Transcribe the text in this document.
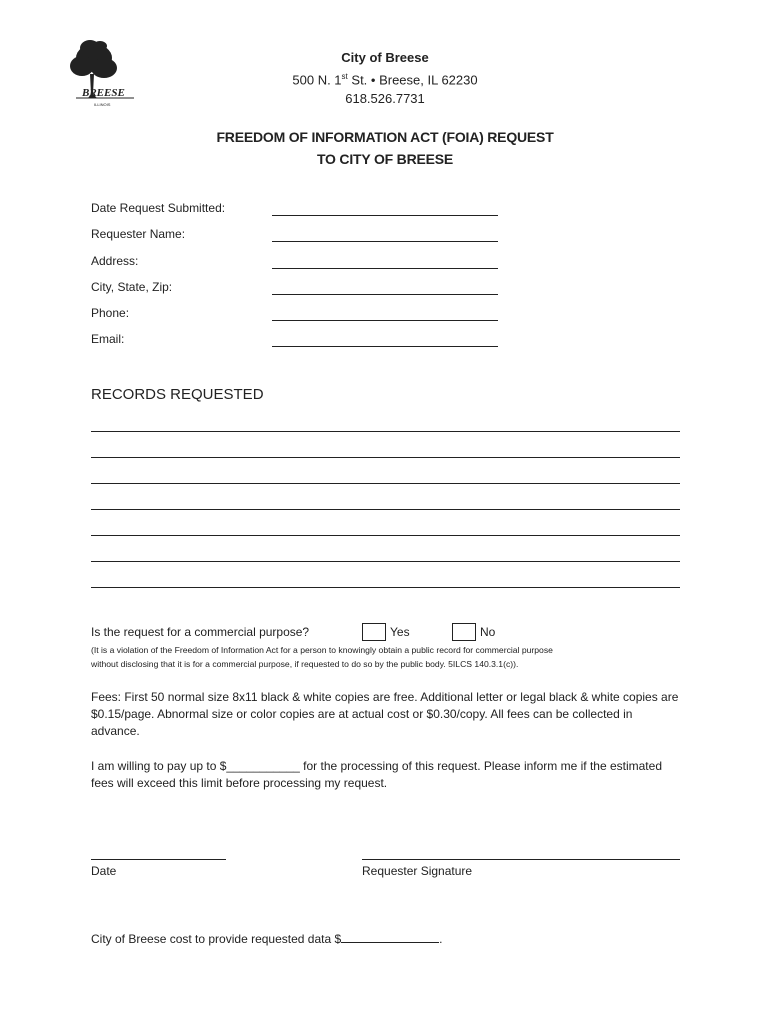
BREESE
ILLINOIS
City of Breese
500 N. 1st St. • Breese, IL 62230
618.526.7731
FREEDOM OF INFORMATION ACT (FOIA) REQUEST
TO CITY OF BREESE
Date Request Submitted:
Requester Name:
Address:
City, State, Zip:
Phone:
Email:
RECORDS REQUESTED
Is the request for a commercial purpose?	Yes	No
(It is a violation of the Freedom of Information Act for a person to knowingly obtain a public record for commercial purpose
without disclosing that it is for a commercial purpose, if requested to do so by the public body. 5ILCS 140.3.1(c)).
Fees: First 50 normal size 8x11 black & white copies are free. Additional letter or legal black & white copies are $0.15/page. Abnormal size or color copies are at actual cost or $0.30/copy. All fees can be collected in advance.
I am willing to pay up to $___________ for the processing of this request. Please inform me if the estimated fees will exceed this limit before processing my request.
Date	Requester Signature
City of Breese cost to provide requested data $	.
